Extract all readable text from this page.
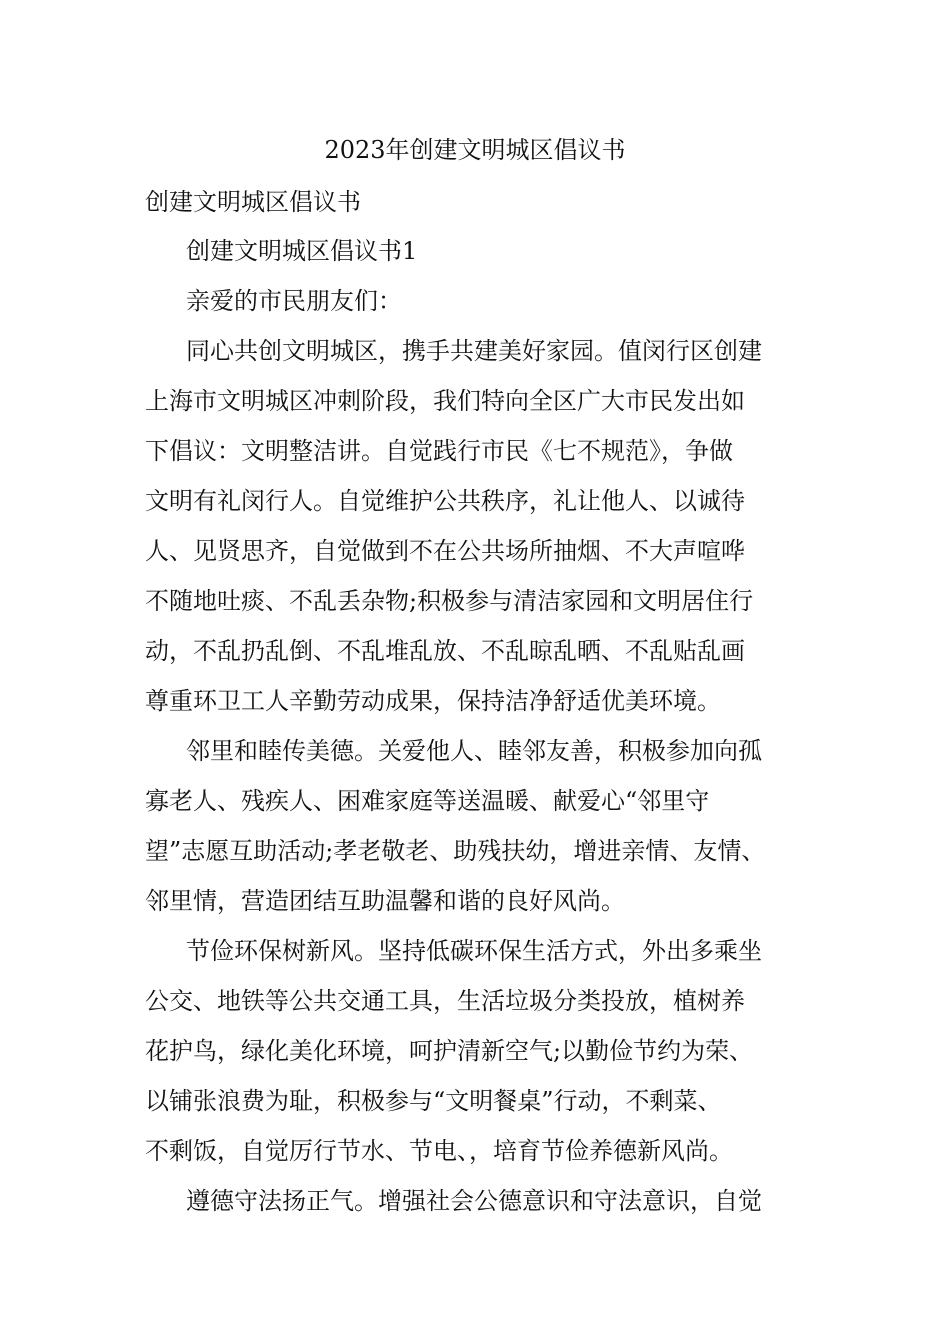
2023年创建文明城区倡议书
创建文明城区倡议书
创建文明城区倡议书1
亲爱的市民朋友们：
同心共创文明城区，携手共建美好家园。值闵行区创建
上海市文明城区冲刺阶段，我们特向全区广大市民发出如
下倡议：文明整洁讲。自觉践行市民《七不规范》，争做
文明有礼闵行人。自觉维护公共秩序，礼让他人、以诚待
人、见贤思齐，自觉做到不在公共场所抽烟、不大声喧哗
不随地吐痰、不乱丢杂物;积极参与清洁家园和文明居住行
动，不乱扔乱倒、不乱堆乱放、不乱晾乱晒、不乱贴乱画
尊重环卫工人辛勤劳动成果，保持洁净舒适优美环境。
邻里和睦传美德。关爱他人、睦邻友善，积极参加向孤
寡老人、残疾人、困难家庭等送温暖、献爱心“邻里守
望”志愿互助活动;孝老敬老、助残扶幼，增进亲情、友情、
邻里情，营造团结互助温馨和谐的良好风尚。
节俭环保树新风。坚持低碳环保生活方式，外出多乘坐
公交、地铁等公共交通工具，生活垃圾分类投放，植树养
花护鸟，绿化美化环境，呵护清新空气;以勤俭节约为荣、
以铺张浪费为耻，积极参与“文明餐桌”行动，不剩菜、
不剩饭，自觉厉行节水、节电、，培育节俭养德新风尚。
遵德守法扬正气。增强社会公德意识和守法意识，自觉
